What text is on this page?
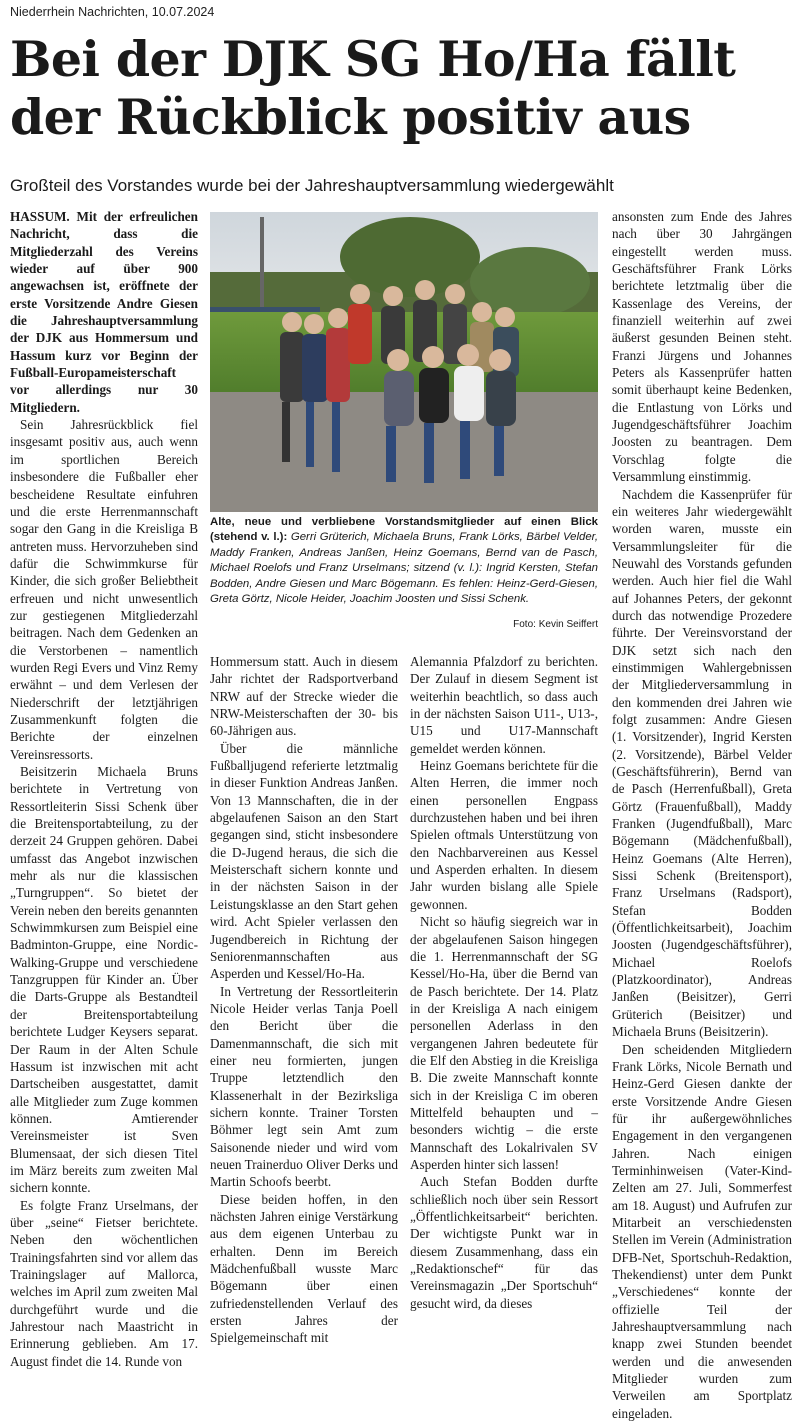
Niederrhein Nachrichten, 10.07.2024
Bei der DJK SG Ho/Ha fällt der Rückblick positiv aus
Großteil des Vorstandes wurde bei der Jahreshauptversammlung wiedergewählt

HASSUM. Mit der erfreulichen Nachricht, dass die Mitgliederzahl des Vereins wieder auf über 900 angewachsen ist, eröffnete der erste Vorsitzende Andre Giesen die Jahreshauptversammlung der DJK aus Hommersum und Hassum kurz vor Beginn der Fußball-Europameisterschaft vor allerdings nur 30 Mitgliedern.

Sein Jahresrückblick fiel insgesamt positiv aus, auch wenn im sportlichen Bereich insbesondere die Fußballer eher bescheidene Resultate einfuhren und die erste Herrenmannschaft sogar den Gang in die Kreisliga B antreten muss. Hervorzuheben sind dafür die Schwimmkurse für Kinder, die sich großer Beliebtheit erfreuen und nicht unwesentlich zur gestiegenen Mitgliederzahl beitragen. Nach dem Gedenken an die Verstorbenen – namentlich wurden Regi Evers und Vinz Remy erwähnt – und dem Verlesen der Niederschrift der letztjährigen Zusammenkunft folgten die Berichte der einzelnen Vereinsressorts.

Beisitzerin Michaela Bruns berichtete in Vertretung von Ressortleiterin Sissi Schenk über die Breitensportabteilung, zu der derzeit 24 Gruppen gehören. Dabei umfasst das Angebot inzwischen mehr als nur die klassischen „Turngruppen“. So bietet der Verein neben den bereits genannten Schwimmkursen zum Beispiel eine Badminton-Gruppe, eine Nordic-Walking-Gruppe und verschiedene Tanzgruppen für Kinder an. Über die Darts-Gruppe als Bestandteil der Breitensportabteilung berichtete Ludger Keysers separat. Der Raum in der Alten Schule Hassum ist inzwischen mit acht Dartscheiben ausgestattet, damit alle Mitglieder zum Zuge kommen können. Amtierender Vereinsmeister ist Sven Blumensaat, der sich diesen Titel im März bereits zum zweiten Mal sichern konnte.

Es folgte Franz Urselmans, der über „seine“ Fietser berichtete. Neben den wöchentlichen Trainingsfahrten sind vor allem das Trainingslager auf Mallorca, welches im April zum zweiten Mal durchgeführt wurde und die Jahrestour nach Maastricht in Erinnerung geblieben. Am 17. August findet die 14. Runde von

Alte, neue und verbliebene Vorstandsmitglieder auf einen Blick (stehend v. l.): Gerri Grüterich, Michaela Bruns, Frank Lörks, Bärbel Velder, Maddy Franken, Andreas Janßen, Heinz Goemans, Bernd van de Pasch, Michael Roelofs und Franz Urselmans; sitzend (v. l.): Ingrid Kersten, Stefan Bodden, Andre Giesen und Marc Bögemann. Es fehlen: Heinz-Gerd-Giesen, Greta Görtz, Nicole Heider, Joachim Joosten und Sissi Schenk.
Foto: Kevin Seiffert

Hommersum statt. Auch in diesem Jahr richtet der Radsportverband NRW auf der Strecke wieder die NRW-Meisterschaften der 30- bis 60-Jährigen aus.

Über die männliche Fußballjugend referierte letztmalig in dieser Funktion Andreas Janßen. Von 13 Mannschaften, die in der abgelaufenen Saison an den Start gegangen sind, sticht insbesondere die D-Jugend heraus, die sich die Meisterschaft sichern konnte und in der nächsten Saison in der Leistungsklasse an den Start gehen wird. Acht Spieler verlassen den Jugendbereich in Richtung der Seniorenmannschaften aus Asperden und Kessel/Ho-Ha.

In Vertretung der Ressortleiterin Nicole Heider verlas Tanja Poell den Bericht über die Damenmannschaft, die sich mit einer neu formierten, jungen Truppe letztendlich den Klassenerhalt in der Bezirksliga sichern konnte. Trainer Torsten Böhmer legt sein Amt zum Saisonende nieder und wird vom neuen Trainerduo Oliver Derks und Martin Schoofs beerbt.

Diese beiden hoffen, in den nächsten Jahren einige Verstärkung aus dem eigenen Unterbau zu erhalten. Denn im Bereich Mädchenfußball wusste Marc Bögemann über einen zufriedenstellenden Verlauf des ersten Jahres der Spielgemeinschaft mit

Alemannia Pfalzdorf zu berichten. Der Zulauf in diesem Segment ist weiterhin beachtlich, so dass auch in der nächsten Saison U11-, U13-, U15 und U17-Mannschaft gemeldet werden können.

Heinz Goemans berichtete für die Alten Herren, die immer noch einen personellen Engpass durchzustehen haben und bei ihren Spielen oftmals Unterstützung von den Nachbarvereinen aus Kessel und Asperden erhalten. In diesem Jahr wurden bislang alle Spiele gewonnen.

Nicht so häufig siegreich war in der abgelaufenen Saison hingegen die 1. Herrenmannschaft der SG Kessel/Ho-Ha, über die Bernd van de Pasch berichtete. Der 14. Platz in der Kreisliga A nach einigem personellen Aderlass in den vergangenen Jahren bedeutete für die Elf den Abstieg in die Kreisliga B. Die zweite Mannschaft konnte sich in der Kreisliga C im oberen Mittelfeld behaupten und – besonders wichtig – die erste Mannschaft des Lokalrivalen SV Asperden hinter sich lassen!

Auch Stefan Bodden durfte schließlich noch über sein Ressort „Öffentlichkeitsarbeit“ berichten. Der wichtigste Punkt war in diesem Zusammenhang, dass ein „Redaktionschef“ für das Vereinsmagazin „Der Sportschuh“ gesucht wird, da dieses

ansonsten zum Ende des Jahres nach über 30 Jahrgängen eingestellt werden muss. Geschäftsführer Frank Lörks berichtete letztmalig über die Kassenlage des Vereins, der finanziell weiterhin auf zwei äußerst gesunden Beinen steht. Franzi Jürgens und Johannes Peters als Kassenprüfer hatten somit überhaupt keine Bedenken, die Entlastung von Lörks und Jugendgeschäftsführer Joachim Joosten zu beantragen. Dem Vorschlag folgte die Versammlung einstimmig.

Nachdem die Kassenprüfer für ein weiteres Jahr wiedergewählt worden waren, musste ein Versammlungsleiter für die Neuwahl des Vorstands gefunden werden. Auch hier fiel die Wahl auf Johannes Peters, der gekonnt durch das notwendige Prozedere führte. Der Vereinsvorstand der DJK setzt sich nach den einstimmigen Wahlergebnissen der Mitgliederversammlung in den kommenden drei Jahren wie folgt zusammen: Andre Giesen (1. Vorsitzender), Ingrid Kersten (2. Vorsitzende), Bärbel Velder (Geschäftsführerin), Bernd van de Pasch (Herrenfußball), Greta Görtz (Frauenfußball), Maddy Franken (Jugendfußball), Marc Bögemann (Mädchenfußball), Heinz Goemans (Alte Herren), Sissi Schenk (Breitensport), Franz Urselmans (Radsport), Stefan Bodden (Öffentlichkeitsarbeit), Joachim Joosten (Jugendgeschäftsführer), Michael Roelofs (Platzkoordinator), Andreas Janßen (Beisitzer), Gerri Grüterich (Beisitzer) und Michaela Bruns (Beisitzerin).

Den scheidenden Mitgliedern Frank Lörks, Nicole Bernath und Heinz-Gerd Giesen dankte der erste Vorsitzende Andre Giesen für ihr außergewöhnliches Engagement in den vergangenen Jahren. Nach einigen Terminhinweisen (Vater-Kind-Zelten am 27. Juli, Sommerfest am 18. August) und Aufrufen zur Mitarbeit an verschiedensten Stellen im Verein (Administration DFB-Net, Sportschuh-Redaktion, Thekendienst) unter dem Punkt „Verschiedenes“ konnte der offizielle Teil der Jahreshauptversammlung nach knapp zwei Stunden beendet werden und die anwesenden Mitglieder wurden zum Verweilen am Sportplatz eingeladen.
